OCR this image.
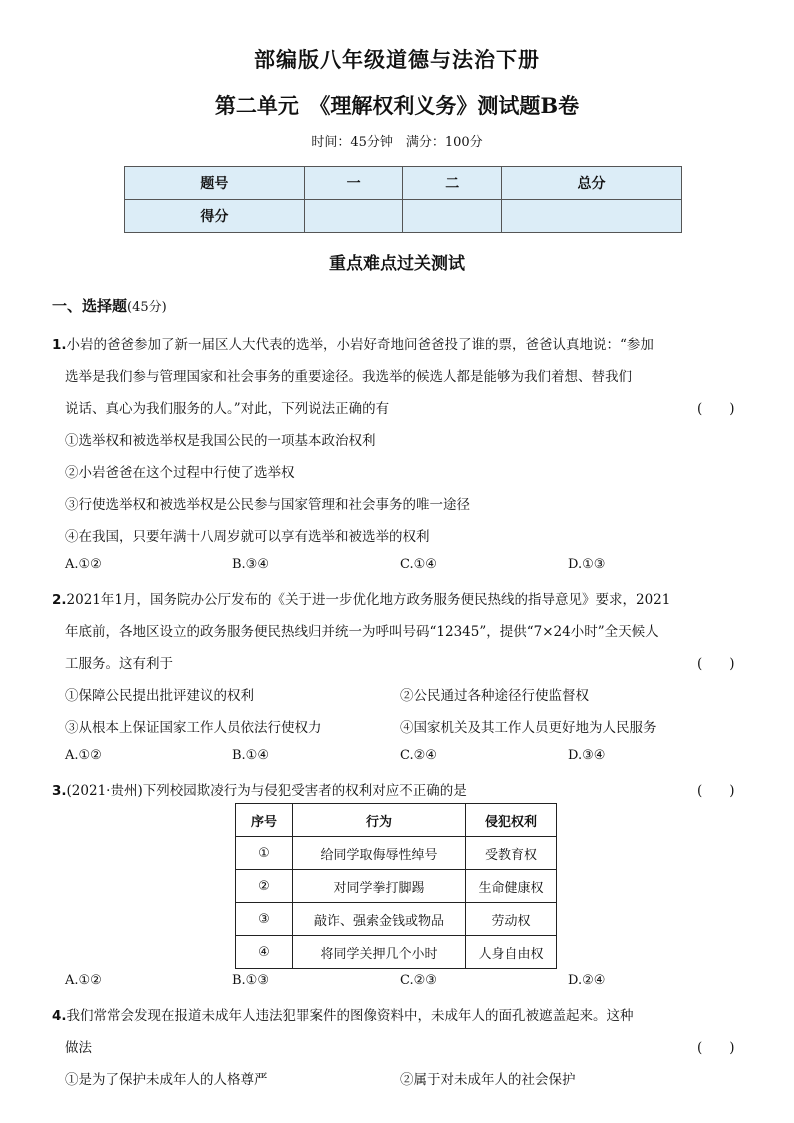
部编版八年级道德与法治下册
第二单元　《理解权利义务》测试题B卷
时间：45分钟　满分：100分
题号	一	二	总分
得分			
重点难点过关测试
一、选择题(45分)
1.小岩的爸爸参加了新一届区人大代表的选举，小岩好奇地问爸爸投了谁的票，爸爸认真地说：“参加
选举是我们参与管理国家和社会事务的重要途径。我选举的候选人都是能够为我们着想、替我们
说话、真心为我们服务的人。”对此，下列说法正确的有	(　　)
①选举权和被选举权是我国公民的一项基本政治权利
②小岩爸爸在这个过程中行使了选举权
③行使选举权和被选举权是公民参与国家管理和社会事务的唯一途径
④在我国，只要年满十八周岁就可以享有选举和被选举的权利
A.①②	B.③④	C.①④	D.①③
2.2021年1月，国务院办公厅发布的《关于进一步优化地方政务服务便民热线的指导意见》要求，2021
年底前，各地区设立的政务服务便民热线归并统一为呼叫号码“12345”，提供“7×24小时”全天候人
工服务。这有利于	(　　)
①保障公民提出批评建议的权利	②公民通过各种途径行使监督权
③从根本上保证国家工作人员依法行使权力	④国家机关及其工作人员更好地为人民服务
A.①②	B.①④	C.②④	D.③④
3.(2021·贵州)下列校园欺凌行为与侵犯受害者的权利对应不正确的是	(　　)
序号	行为	侵犯权利
①	给同学取侮辱性绰号	受教育权
②	对同学拳打脚踢	生命健康权
③	敲诈、强索金钱或物品	劳动权
④	将同学关押几个小时	人身自由权
A.①②	B.①③	C.②③	D.②④
4.我们常常会发现在报道未成年人违法犯罪案件的图像资料中，未成年人的面孔被遮盖起来。这种
做法	(　　)
①是为了保护未成年人的人格尊严	②属于对未成年人的社会保护
